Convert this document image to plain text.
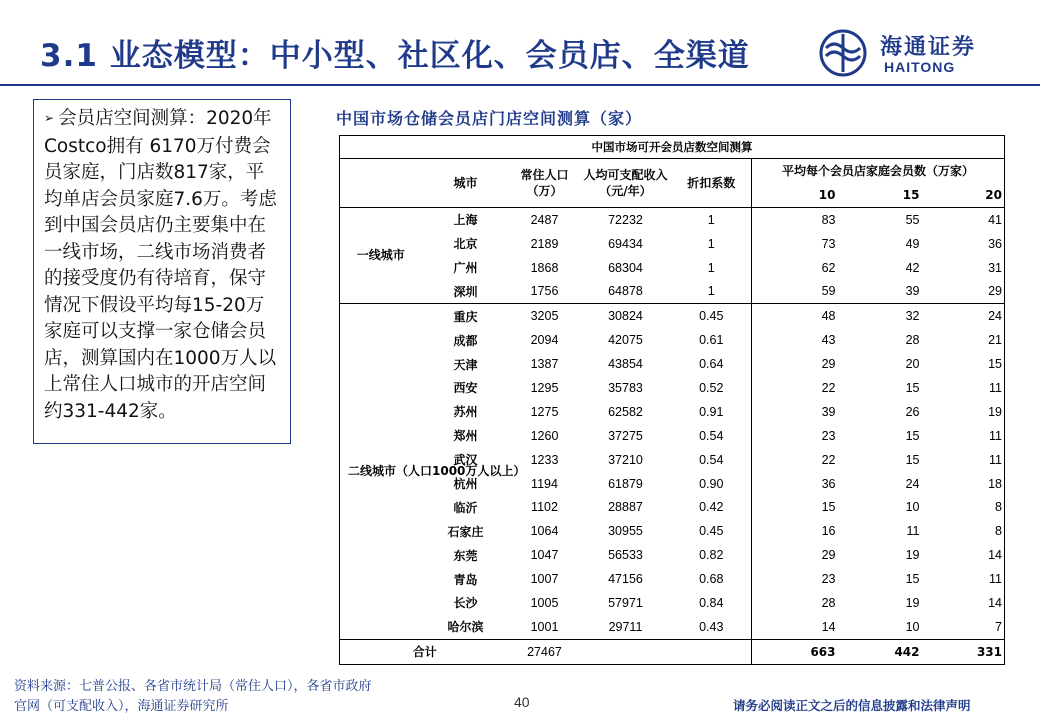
3.1 业态模型：中小型、社区化、会员店、全渠道	海通证券
HAITONG

➢ 会员店空间测算：2020年Costco拥有 6170万付费会员家庭，门店数817家，平均单店会员家庭7.6万。考虑到中国会员店仍主要集中在一线市场，二线市场消费者的接受度仍有待培育，保守情况下假设平均每15-20万家庭可以支撑一家仓储会员店，测算国内在1000万人以上常住人口城市的开店空间约331-442家。

中国市场仓储会员店门店空间测算（家）
中国市场可开会员店数空间测算							
	城市	常住人口（万）	人均可支配收入（元/年）	折扣系数	平均每个会员店家庭会员数（万家）		
					10	15	20
一线城市	上海	2487	72232	1	83	55	41
	北京	2189	69434	1	73	49	36
	广州	1868	68304	1	62	42	31
	深圳	1756	64878	1	59	39	29
二线城市（人口1000万人以上）	重庆	3205	30824	0.45	48	32	24
	成都	2094	42075	0.61	43	28	21
	天津	1387	43854	0.64	29	20	15
	西安	1295	35783	0.52	22	15	11
	苏州	1275	62582	0.91	39	26	19
	郑州	1260	37275	0.54	23	15	11
	武汉	1233	37210	0.54	22	15	11
	杭州	1194	61879	0.90	36	24	18
	临沂	1102	28887	0.42	15	10	8
	石家庄	1064	30955	0.45	16	11	8
	东莞	1047	56533	0.82	29	19	14
	青岛	1007	47156	0.68	23	15	11
	长沙	1005	57971	0.84	28	19	14
	哈尔滨	1001	29711	0.43	14	10	7
合计		27467			663	442	331
资料来源：七普公报、各省市统计局（常住人口），各省市政府
官网（可支配收入），海通证券研究所	40	请务必阅读正文之后的信息披露和法律声明
